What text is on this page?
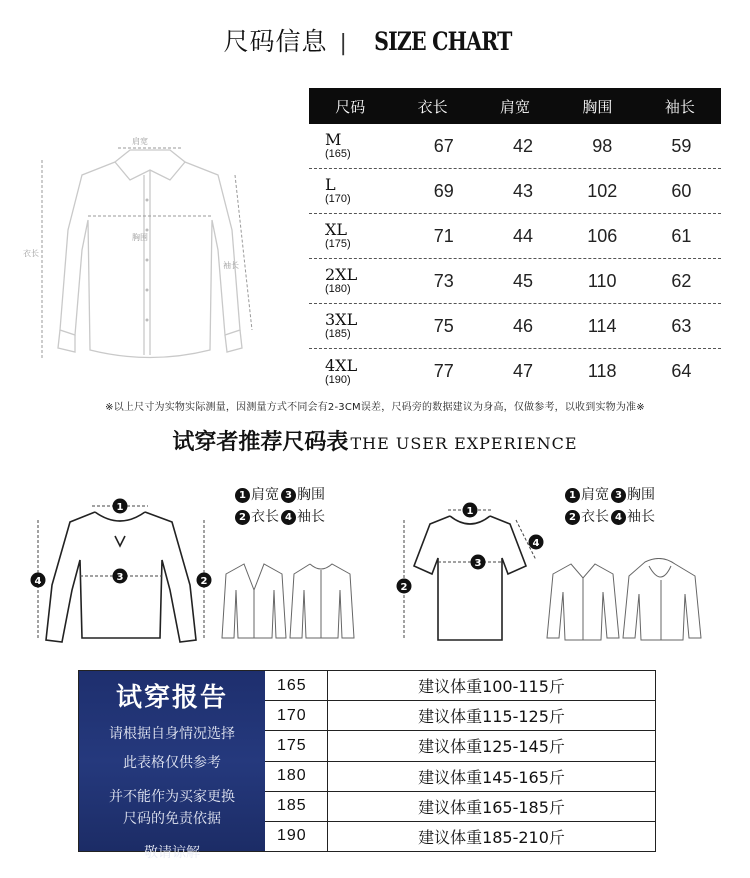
尺码信息 | SIZE CHART
肩宽
胸围
衣长
袖长
尺码	衣长	肩宽	胸围	袖长
M
(165)	67	42	98	59
L
(170)	69	43	102	60
XL
(175)	71	44	106	61
2XL
(180)	73	45	110	62
3XL
(185)	75	46	114	63
4XL
(190)	77	47	118	64
※以上尺寸为实物实际测量，因测量方式不同会有2-3CM误差，尺码旁的数据建议为身高，仅做参考，以收到实物为准※
试穿者推荐尺码表 THE USER EXPERIENCE
1
3
4	2
1 肩宽 3 胸围
2 衣长 4 袖长	1
3
2
4
1 肩宽 3 胸围
2 衣长 4 袖长
试穿报告
请根据自身情况选择
此表格仅供参考
并不能作为买家更换
尺码的免责依据
敬请谅解
165	建议体重100-115斤
170	建议体重115-125斤
175	建议体重125-145斤
180	建议体重145-165斤
185	建议体重165-185斤
190	建议体重185-210斤
